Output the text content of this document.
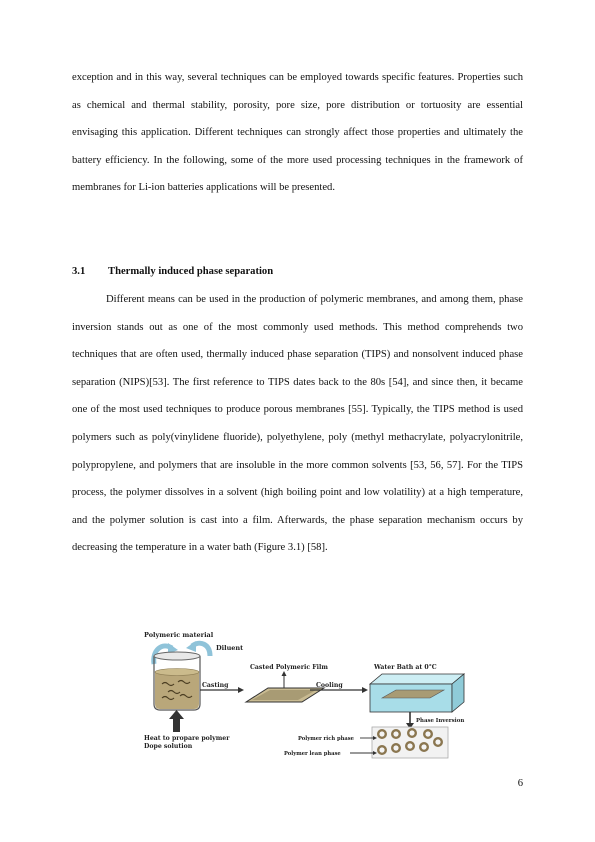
exception and in this way, several techniques can be employed towards specific features. Properties such as chemical and thermal stability, porosity, pore size, pore distribution or tortuosity are essential envisaging this application. Different techniques can strongly affect those properties and ultimately the battery efficiency. In the following, some of the more used processing techniques in the framework of membranes for Li-ion batteries applications will be presented.

3.1 Thermally induced phase separation

Different means can be used in the production of polymeric membranes, and among them, phase inversion stands out as one of the most commonly used methods. This method comprehends two techniques that are often used, thermally induced phase separation (TIPS) and nonsolvent induced phase separation (NIPS)[53]. The first reference to TIPS dates back to the 80s [54], and since then, it became one of the most used techniques to produce porous membranes [55]. Typically, the TIPS method is used polymers such as poly(vinylidene fluoride), polyethylene, poly (methyl methacrylate, polyacrylonitrile, polypropylene, and polymers that are insoluble in the more common solvents [53, 56, 57]. For the TIPS process, the polymer dissolves in a solvent (high boiling point and low volatility) at a high temperature, and the polymer solution is cast into a film. Afterwards, the phase separation mechanism occurs by decreasing the temperature in a water bath (Figure 3.1) [58].

Polymeric material
Diluent
Heat to propare polymer
Dope solution
Casting
Casted Polymeric Film
Cooling
Water Bath at 0°C
Phase Inversion
Polymer rich phase
Polymer lean phase
6
